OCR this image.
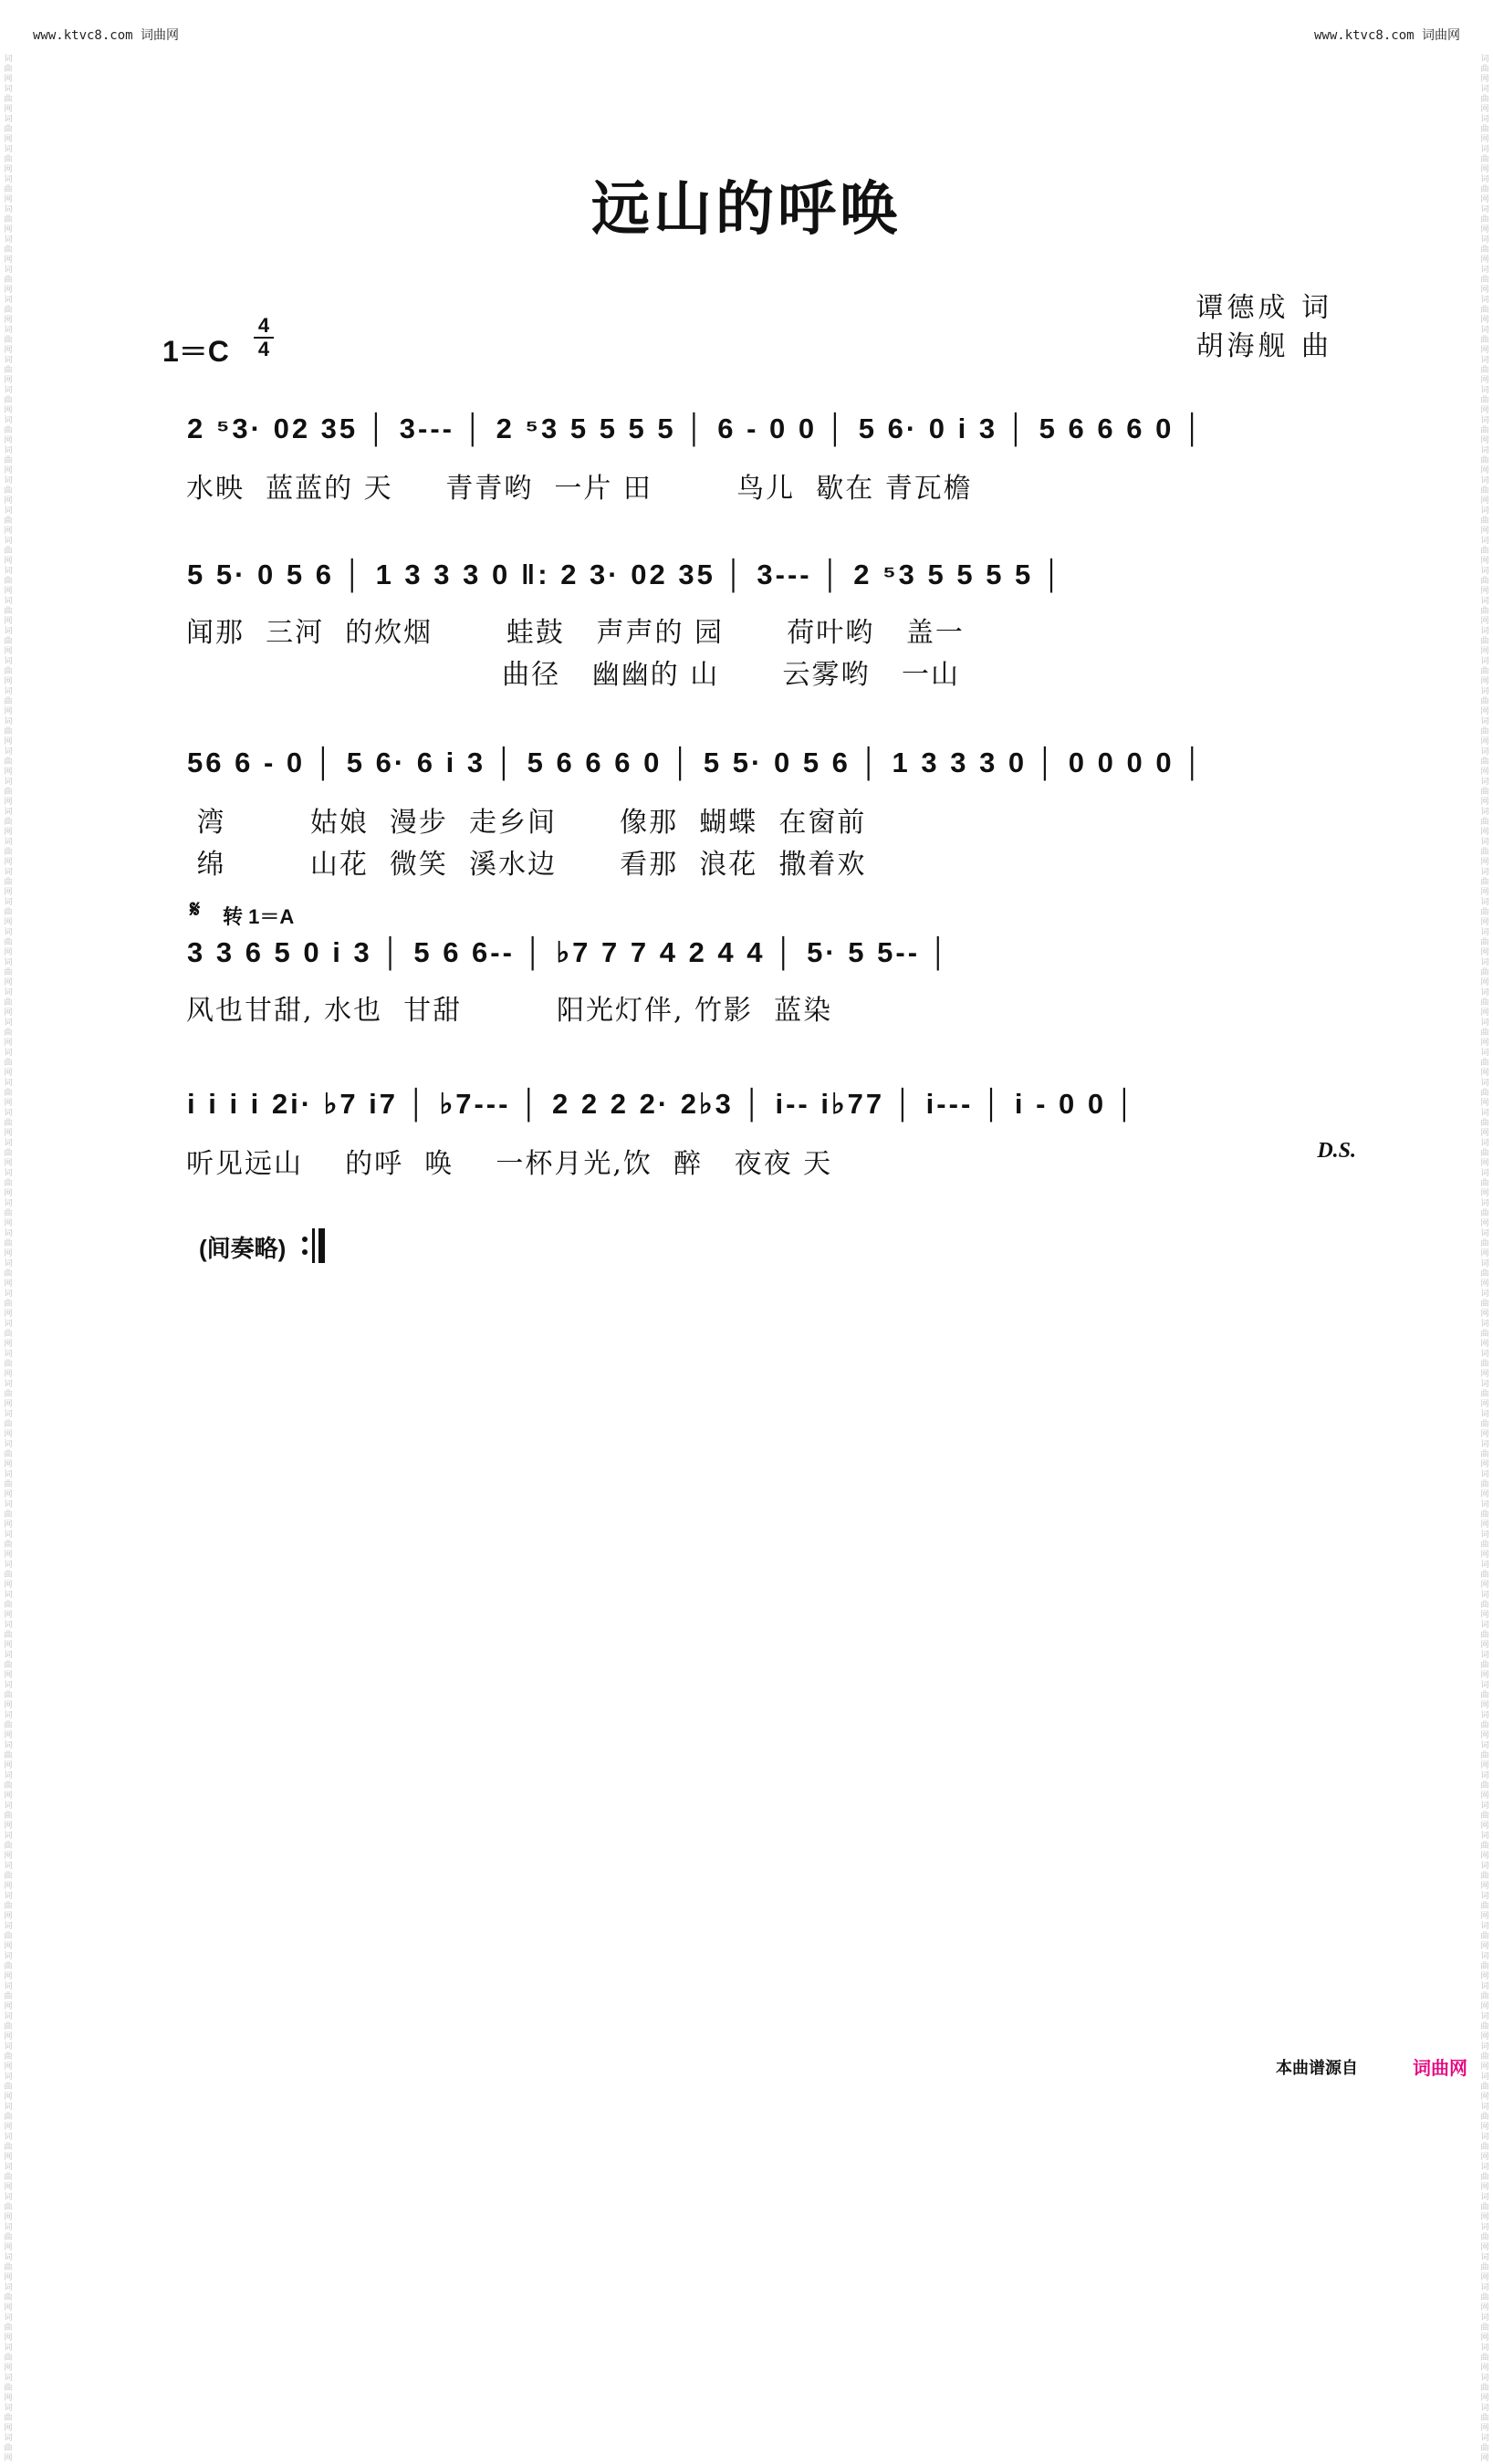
www.ktvc8.com 词曲网	www.ktvc8.com 词曲网
词曲网词曲网词曲网词曲网词曲网词曲网词曲网词曲网词曲网词曲网词曲网词曲网词曲网词曲网词曲网词曲网词曲网词曲网词曲网词曲网词曲网词曲网词曲网词曲网词曲网词曲网词曲网词曲网词曲网词曲网词曲网词曲网词曲网词曲网词曲网词曲网词曲网词曲网词曲网词曲网词曲网词曲网词曲网词曲网词曲网词曲网词曲网词曲网词曲网词曲网词曲网词曲网词曲网词曲网词曲网词曲网词曲网词曲网词曲网词曲网词曲网词曲网词曲网词曲网词曲网词曲网词曲网词曲网词曲网词曲网词曲网词曲网词曲网词曲网词曲网词曲网词曲网词曲网词曲网词曲网
词曲网词曲网词曲网词曲网词曲网词曲网词曲网词曲网词曲网词曲网词曲网词曲网词曲网词曲网词曲网词曲网词曲网词曲网词曲网词曲网词曲网词曲网词曲网词曲网词曲网词曲网词曲网词曲网词曲网词曲网词曲网词曲网词曲网词曲网词曲网词曲网词曲网词曲网词曲网词曲网词曲网词曲网词曲网词曲网词曲网词曲网词曲网词曲网词曲网词曲网词曲网词曲网词曲网词曲网词曲网词曲网词曲网词曲网词曲网词曲网词曲网词曲网词曲网词曲网词曲网词曲网词曲网词曲网词曲网词曲网词曲网词曲网词曲网词曲网词曲网词曲网词曲网词曲网词曲网词曲网
远山的呼唤
谭德成 词
胡海舰 曲
1＝C
4
4
2 ⁵3· 02 35 │ 3‑‑‑ │ 2 ⁵3 5 5 5 5 │ 6 ‑ 0 0 │ 5 6· 0 i 3 │ 5 6 6 6 0 │
水映  蓝蓝的 天     青青哟  一片 田        鸟儿  歇在 青瓦檐
5 5· 0 5 6 │ 1 3 3 3 0 ‖: 2 3· 02 35 │ 3‑‑‑ │ 2 ⁵3 5 5 5 5 │
闻那  三河  的炊烟       蛙鼓   声声的 园      荷叶哟   盖一
曲径   幽幽的 山      云雾哟   一山
56 6 ‑ 0 │ 5 6· 6 i 3 │ 5 6 6 6 0 │ 5 5· 0 5 6 │ 1 3 3 3 0 │ 0 0 0 0 │
湾        姑娘  漫步  走乡间      像那  蝴蝶  在窗前
绵        山花  微笑  溪水边      看那  浪花  撒着欢
𝄋 转 1＝A
3 3 6 5 0 i 3 │ 5 6 6‑‑ │ ♭7 7 7 4 2 4 4 │ 5· 5 5‑‑ │
风也甘甜, 水也  甘甜         阳光灯伴, 竹影  蓝染
i i i i 2i· ♭7 i7 │ ♭7‑‑‑ │ 2 2 2 2· 2♭3 │ i‑‑ i♭77 │ i‑‑‑ │ i ‑ 0 0 │
听见远山    的呼  唤    一杯月光,饮  醉   夜夜 天	D.S.
(间奏略)
本曲谱源自	词曲网
